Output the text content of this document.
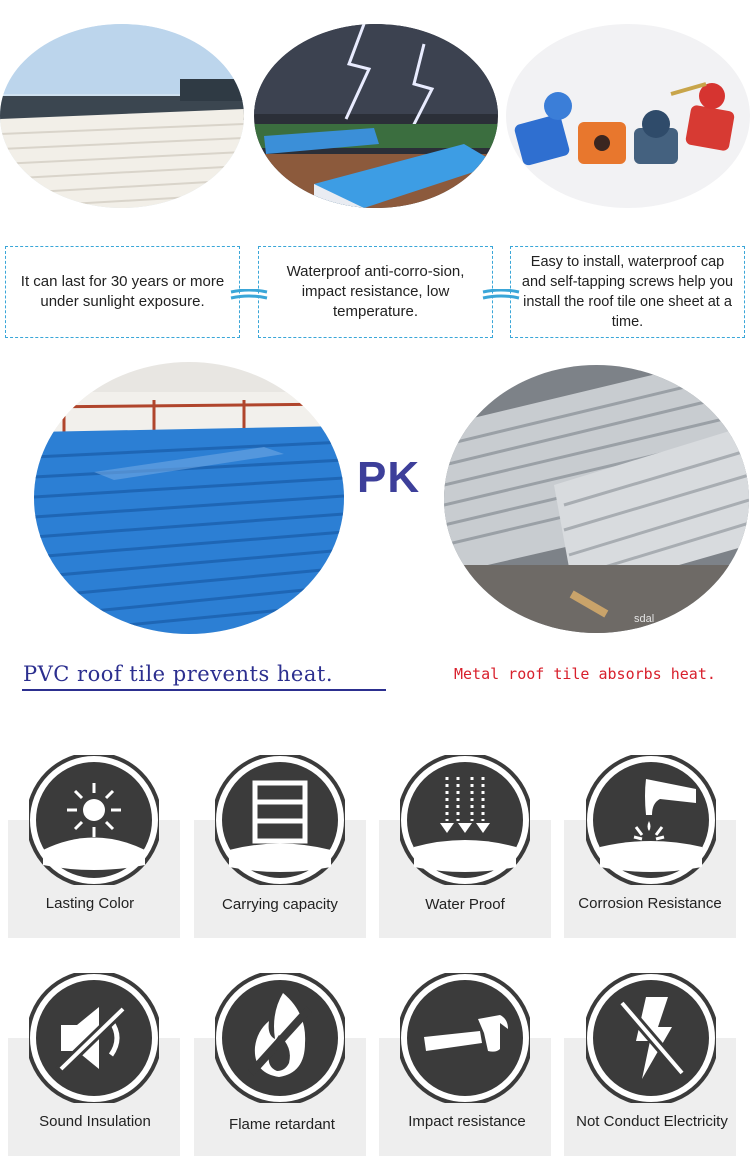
It can last for 30 years or more under sunlight exposure.
Waterproof anti-corro-sion, impact resistance, low temperature.
Easy to install, waterproof cap and self-tapping screws help you install the roof tile one sheet at a time.
PK
sdal
PVC roof tile prevents heat.	Metal roof tile absorbs heat.
Lasting Color	Carrying capacity	Water Proof	Corrosion Resistance
Sound Insulation	Flame retardant	Impact resistance	Not Conduct Electricity
